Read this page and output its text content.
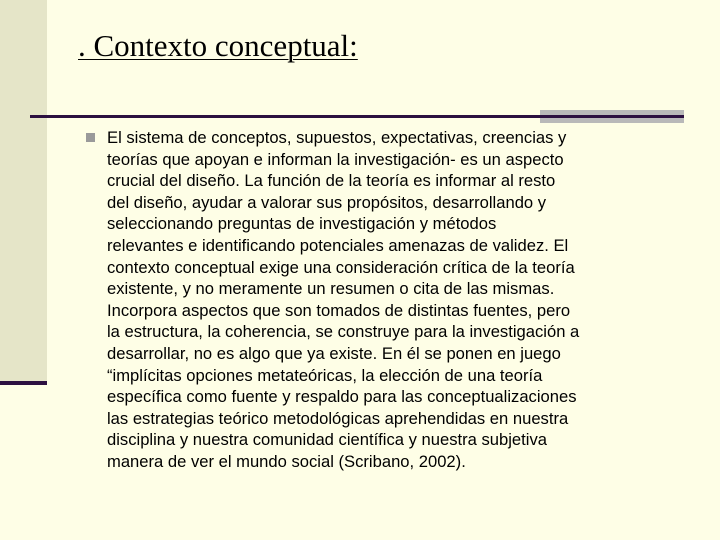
. Contexto conceptual:

El sistema de conceptos, supuestos, expectativas, creencias y
teorías que apoyan e informan la investigación- es un aspecto
crucial del diseño. La función de la teoría es informar al resto
del diseño, ayudar a valorar sus propósitos, desarrollando y
seleccionando preguntas de investigación y métodos
relevantes e identificando potenciales amenazas de validez. El
contexto conceptual exige una consideración crítica de la teoría
existente, y no meramente un resumen o cita de las mismas.
Incorpora aspectos que son tomados de distintas fuentes, pero
la estructura, la coherencia, se construye para la investigación a
desarrollar, no es algo que ya existe. En él se ponen en juego
“implícitas opciones metateóricas, la elección de una teoría
específica como fuente y respaldo para las conceptualizaciones
las estrategias teórico metodológicas aprehendidas en nuestra
disciplina y nuestra comunidad científica y nuestra subjetiva
manera de ver el mundo social (Scribano, 2002).
